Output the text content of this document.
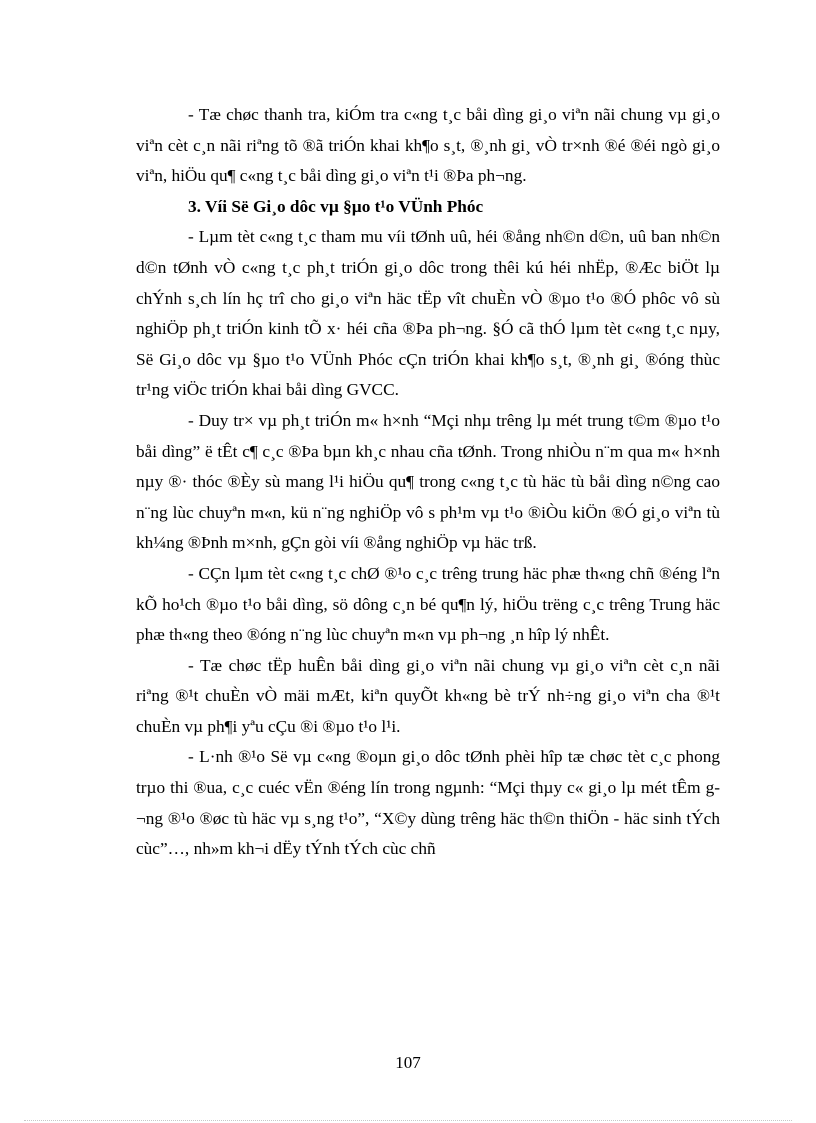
- Tæ chøc thanh tra, kiÓm tra c«ng t¸c båi dìng gi¸o viªn nãi chung vµ gi¸o viªn cèt c¸n nãi riªng tõ ®ã triÓn khai kh¶o s¸t, ®¸nh gi¸ vÒ tr×nh ®é ®éi ngò gi¸o viªn, hiÖu qu¶ c«ng t¸c båi dìng gi¸o viªn t¹i ®Þa ph¬ng.

3. Víi Së Gi¸o dôc vµ §µo t¹o VÜnh Phóc

- Lµm tèt c«ng t¸c tham mu víi tØnh uû, héi ®ång nh©n d©n, uû ban nh©n d©n tØnh vÒ c«ng t¸c ph¸t triÓn gi¸o dôc trong thêi kú héi nhËp, ®Æc biÖt lµ chÝnh s¸ch lín hç trî cho gi¸o viªn häc tËp vît chuÈn vÒ ®µo t¹o ®Ó phôc vô sù nghiÖp ph¸t triÓn kinh tÕ x· héi cña ®Þa ph¬ng. §Ó cã thÓ lµm tèt c«ng t¸c nµy, Së Gi¸o dôc vµ §µo t¹o VÜnh Phóc cÇn triÓn khai kh¶o s¸t, ®¸nh gi¸ ®óng thùc tr¹ng viÖc triÓn khai båi dìng GVCC.

- Duy tr× vµ ph¸t triÓn m« h×nh “Mçi nhµ trêng lµ mét trung t©m ®µo t¹o båi dìng” ë tÊt c¶ c¸c ®Þa bµn kh¸c nhau cña tØnh. Trong nhiÒu n¨m qua m« h×nh nµy ®· thóc ®Èy sù mang l¹i hiÖu qu¶ trong c«ng t¸c tù häc tù båi dìng n©ng cao n¨ng lùc chuyªn m«n, kü n¨ng nghiÖp vô s ph¹m vµ t¹o ®iÒu kiÖn ®Ó gi¸o viªn tù kh¼ng ®Þnh m×nh, gÇn gòi víi ®ång nghiÖp vµ häc trß.

- CÇn lµm tèt c«ng t¸c chØ ®¹o c¸c trêng trung häc phæ th«ng chñ ®éng lªn kÕ ho¹ch ®µo t¹o båi dìng, sö dông c¸n bé qu¶n lý, hiÖu trëng c¸c trêng Trung häc phæ th«ng theo ®óng n¨ng lùc chuyªn m«n vµ ph¬ng ¸n hîp lý nhÊt.

- Tæ chøc tËp huÊn båi dìng gi¸o viªn nãi chung vµ gi¸o viªn cèt c¸n nãi riªng ®¹t chuÈn vÒ mäi mÆt, kiªn quyÕt kh«ng bè trÝ nh÷ng gi¸o viªn cha ®¹t chuÈn vµ ph¶i yªu cÇu ®i ®µo t¹o l¹i.

- L·nh ®¹o Së vµ c«ng ®oµn gi¸o dôc tØnh phèi hîp tæ chøc tèt c¸c phong trµo thi ®ua, c¸c cuéc vËn ®éng lín trong ngµnh: “Mçi thµy c« gi¸o lµ mét tÊm g¬ng ®¹o ®øc tù häc vµ s¸ng t¹o”, “X©y dùng trêng häc th©n thiÖn - häc sinh tÝch cùc”…, nh»m kh¬i dËy tÝnh tÝch cùc chñ

107
